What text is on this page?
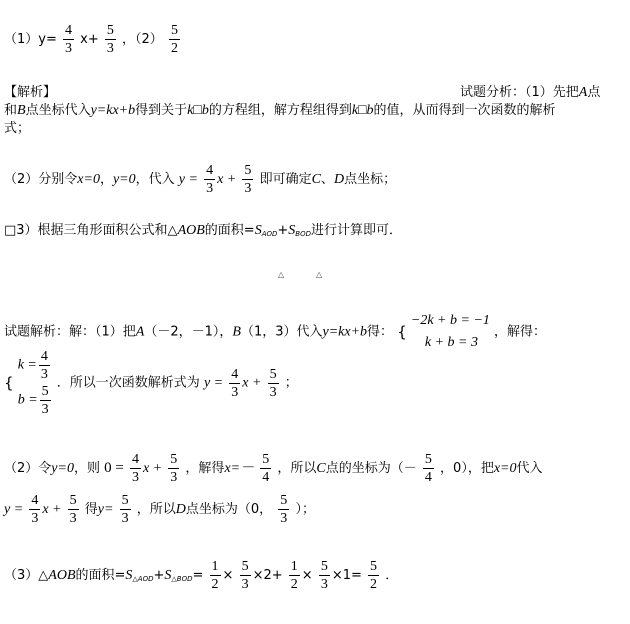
$(1)y= \frac{4}{3} x+ \frac{5}{3}$ ，$(2) \frac{5}{2}$
【解析】	试题分析：（1）先把A点
和B点坐标代入y=kx+b得到关于k□b的方程组，解方程组得到k□b的值，从而得到一次函数的解析
式；
（2）分别令x=0，y=0，代入 $y = \frac{4}{3}$ $x + \frac{5}{3}$ 即可确定C、D点坐标；
□3）根据三角形面积公式和△AOB的面积$=S_{AOD}+S_{BOD}$进行计算即可．
△	△
试题解析：解：（1）把A（－2，－1），B（1，3）代入y=kx+b得： {
−2k + b = −1
k + b = 3
，解得：
{
$k = \frac{4}{3}$
$b = \frac{5}{3}$ ．所以一次函数解析式为 $y = \frac{4}{3}$ $x + \frac{5}{3}$ ；
（2）令y=0，则 $0 = \frac{4}{3}$ $x + \frac{5}{3}$ ，解得$x=- \frac{5}{4}$ ，所以C点的坐标为（－ $\frac{5}{4}$ ，0），把x=0代入
$y = \frac{4}{3}$ $x + \frac{5}{3}$ 得$y= \frac{5}{3}$ ，所以D点坐标为（0， $\frac{5}{3}$ ）；
（3）△AOB的面积$=S_{\triangle AOD}+S_{\triangle BOD}= \frac{1}{2} \times \frac{5}{3} \times 2+ \frac{1}{2} \times \frac{5}{3} \times 1= \frac{5}{2}$ ．
